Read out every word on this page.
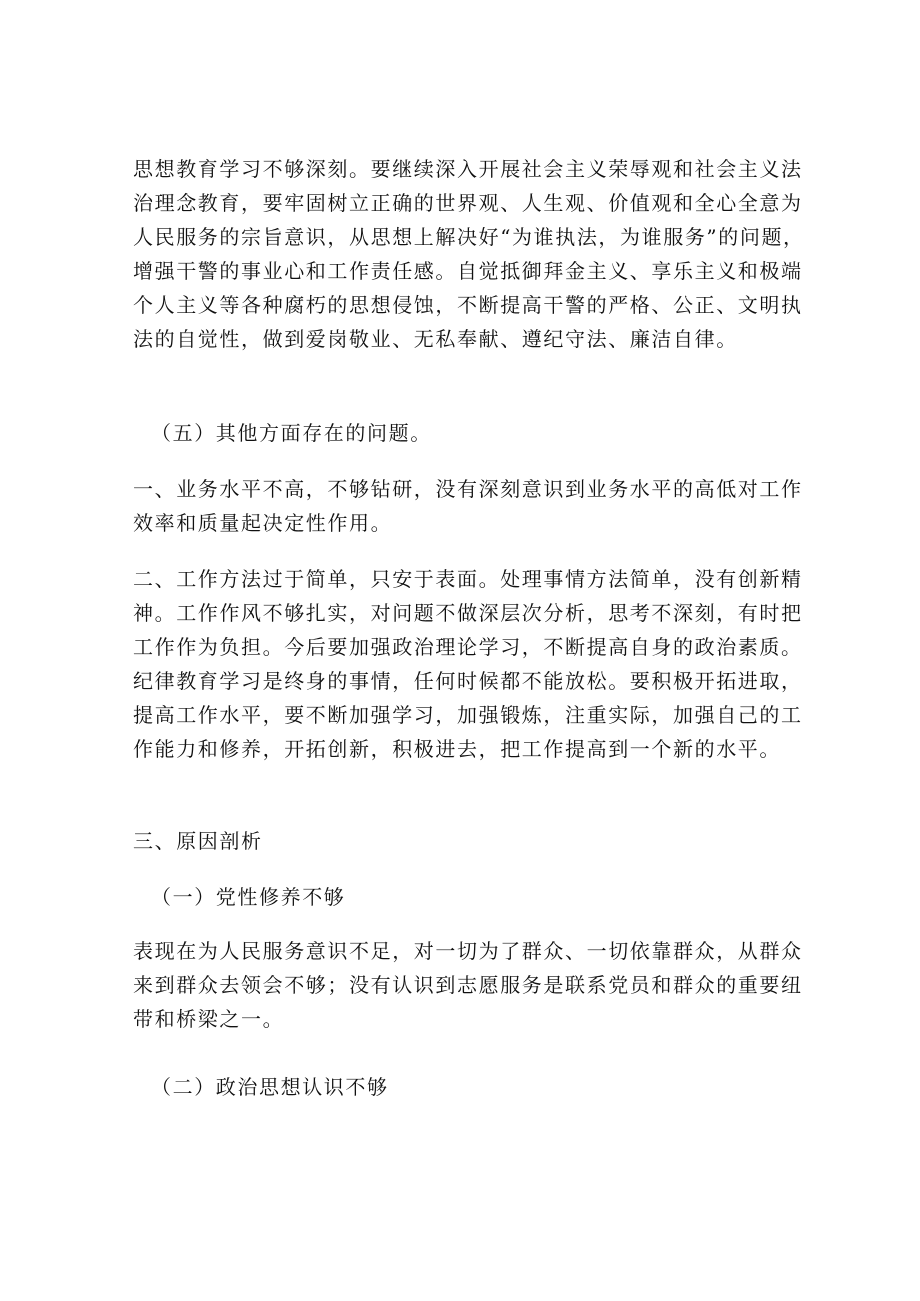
思想教育学习不够深刻。要继续深入开展社会主义荣辱观和社会主义法治理念教育，要牢固树立正确的世界观、人生观、价值观和全心全意为人民服务的宗旨意识，从思想上解决好“为谁执法，为谁服务”的问题，增强干警的事业心和工作责任感。自觉抵御拜金主义、享乐主义和极端个人主义等各种腐朽的思想侵蚀，不断提高干警的严格、公正、文明执法的自觉性，做到爱岗敬业、无私奉献、遵纪守法、廉洁自律。

（五）其他方面存在的问题。

一、业务水平不高，不够钻研，没有深刻意识到业务水平的高低对工作效率和质量起决定性作用。

二、工作方法过于简单，只安于表面。处理事情方法简单，没有创新精神。工作作风不够扎实，对问题不做深层次分析，思考不深刻，有时把工作作为负担。今后要加强政治理论学习，不断提高自身的政治素质。纪律教育学习是终身的事情，任何时候都不能放松。要积极开拓进取，提高工作水平，要不断加强学习，加强锻炼，注重实际，加强自己的工作能力和修养，开拓创新，积极进去，把工作提高到一个新的水平。

三、原因剖析

（一）党性修养不够

表现在为人民服务意识不足，对一切为了群众、一切依靠群众，从群众来到群众去领会不够；没有认识到志愿服务是联系党员和群众的重要纽带和桥梁之一。

（二）政治思想认识不够
